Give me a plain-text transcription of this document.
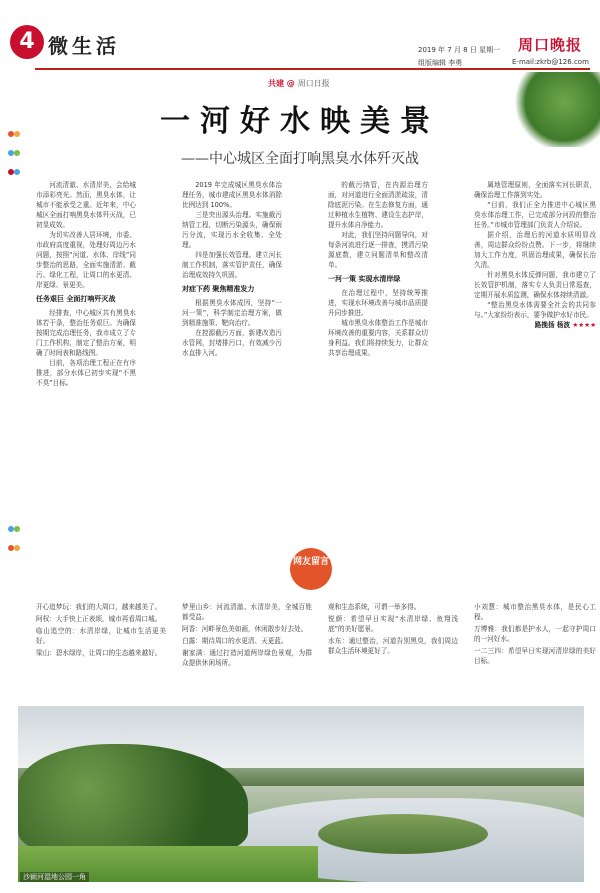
4 微生活	周口晚报
2019 年 7 月 8 日 星期一
组版编辑 李勇	E-mail:zkrb@126.com

共建 @ 周口日报
一河好水映美景
——中心城区全面打响黑臭水体歼灭战

河流清澈、水清岸美，会给城市添彩亮光。然而，黑臭水体，让城市不能承受之重。近年来，中心城区全面打响黑臭水体歼灭战，已初显成效。

为切实改善人居环境，市委、市政府高度重视，处理好周边污水问题，按照“河道、水体、岸线”同步整治的思路，全面实施清淤、截污、绿化工程，让周口的水更清、岸更绿、景更美。

任务艰巨 全面打响歼灭战

经排查，中心城区共有黑臭水体若干条，整治任务艰巨。为确保按期完成治理任务，我市成立了专门工作机构，制定了整治方案，明确了时间表和路线图。

目前，各项治理工程正在有序推进，部分水体已初步实现“不黑不臭”目标。

2019 年完成城区黑臭水体治理任务，城市建成区黑臭水体消除比例达到 100%。

三是突出源头治理。实施截污纳管工程，切断污染源头，确保雨污分流，实现污水全收集、全处理。

四是加强长效管理。建立河长制工作机制，落实管护责任，确保治理成效持久巩固。

对症下药 聚焦精准发力

根据黑臭水体成因，坚持“一河一策”，科学制定治理方案，做到精准施策、靶向治疗。

在控源截污方面，新建改造污水管网，封堵排污口，有效减少污水直排入河。

的截污纳管，在内源治理方面，对河道进行全面清淤疏浚，清除底泥污染。在生态修复方面，通过种植水生植物、建设生态护岸，提升水体自净能力。

对此，我们坚持问题导向，对每条河流进行逐一排查，摸清污染源底数，建立问题清单和整改清单。

一河一策 实现水清岸绿

在治理过程中，坚持统筹推进，实现水环境改善与城市品质提升同步推进。

城市黑臭水体整治工作是城市环境改善的重要内容，关系群众切身利益。我们将持续发力，让群众共享治理成果。

属地管理原则，全面落实河长职责，确保治理工作落到实处。

“目前，我们正全力推进中心城区黑臭水体治理工作，已完成部分河段的整治任务。”市城市管理部门负责人介绍说。

据介绍，治理后的河道水质明显改善，周边群众纷纷点赞。下一步，将继续加大工作力度，巩固治理成果，确保长治久清。

针对黑臭水体反弹问题，我市建立了长效管护机制，落实专人负责日常巡查，定期开展水质监测，确保水体持续清澈。

“整治黑臭水体需要全社会的共同参与。”大家纷纷表示，要争做护水好市民。

路挽扬 杨波 ★★★★

网友留言

开心追梦玩：我们的大周口，越来越美了。

阿权：大手快上正表颂，城市再看周口城。

临山追空的：水清岸绿，让城市生活更美好。

梁山：碧水绿岸，让周口的生态越来越好。

梦里山乡：河流清澈、水清岸美，全城百姓都受益。

阿香：河畔景色美如画，休闲散步好去处。

白露：期待周口的水更清、天更蓝。

谢家满：通过打造河道两岸绿色景观，为群众提供休闲场所。

观和生态系统，可谓一举多得。

悦颜：希望早日实现“水清岸绿、鱼翔浅底”的美好愿景。

水东：通过整治，河道告别黑臭，我们周边群众生活环境更好了。

小刘慧：城市整治黑臭水体，是民心工程。

万博雅：我们都是护水人，一起守护周口的一河好水。

一二三四：希望早日实现河清岸绿的美好目标。

沙颍河湿地公园一角
